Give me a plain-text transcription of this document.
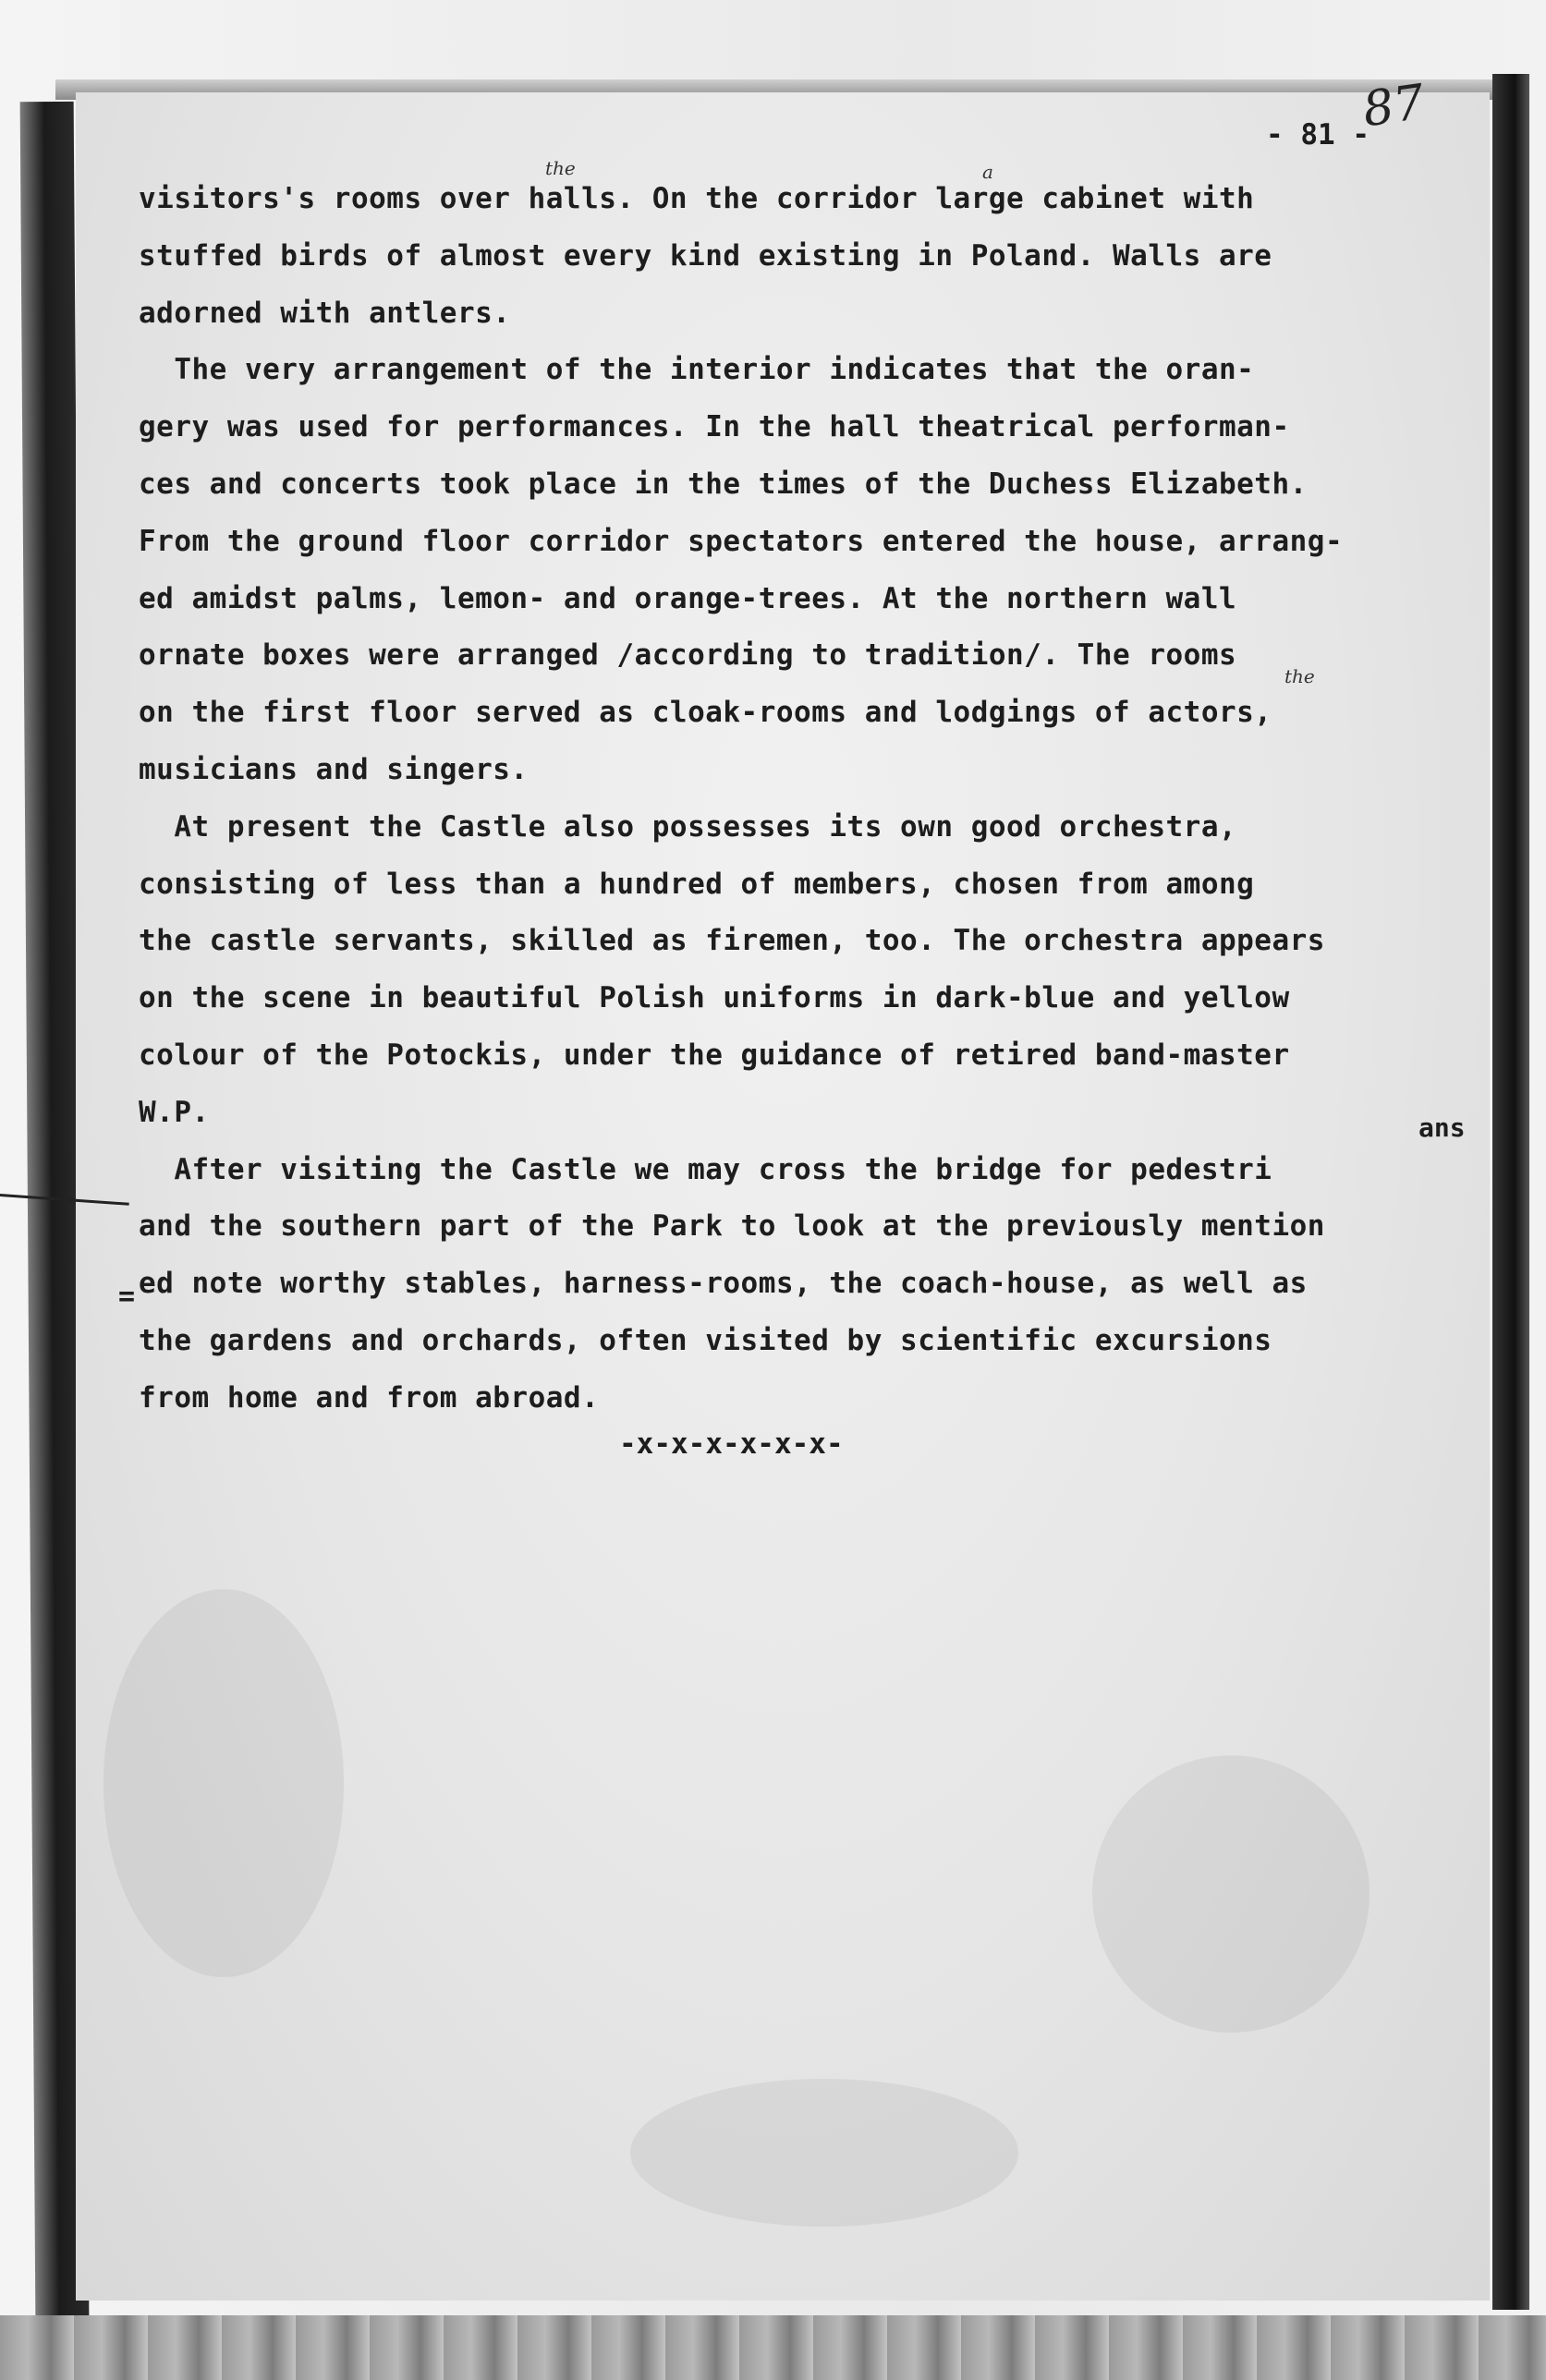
- 81 -
87
the	a
the
ans
=
visitors's rooms over halls. On the corridor large cabinet with
stuffed birds of almost every kind existing in Poland. Walls are
adorned with antlers.
The very arrangement of the interior indicates that the oran-
gery was used for performances. In the hall theatrical performan-
ces and concerts took place in the times of the Duchess Elizabeth.
From the ground floor corridor spectators entered the house, arrang-
ed amidst palms, lemon- and orange-trees. At the northern wall
ornate boxes were arranged /according to tradition/. The rooms
on the first floor served as cloak-rooms and lodgings of actors,
musicians and singers.
At present the Castle also possesses its own good orchestra,
consisting of less than a hundred of members, chosen from among
the castle servants, skilled as firemen, too. The orchestra appears
on the scene in beautiful Polish uniforms in dark-blue and yellow
colour of the Potockis, under the guidance of retired band-master
W.P.
After visiting the Castle we may cross the bridge for pedestri
and the southern part of the Park to look at the previously mention
ed note worthy stables, harness-rooms, the coach-house, as well as
the gardens and orchards, often visited by scientific excursions
from home and from abroad.
-x-x-x-x-x-x-
